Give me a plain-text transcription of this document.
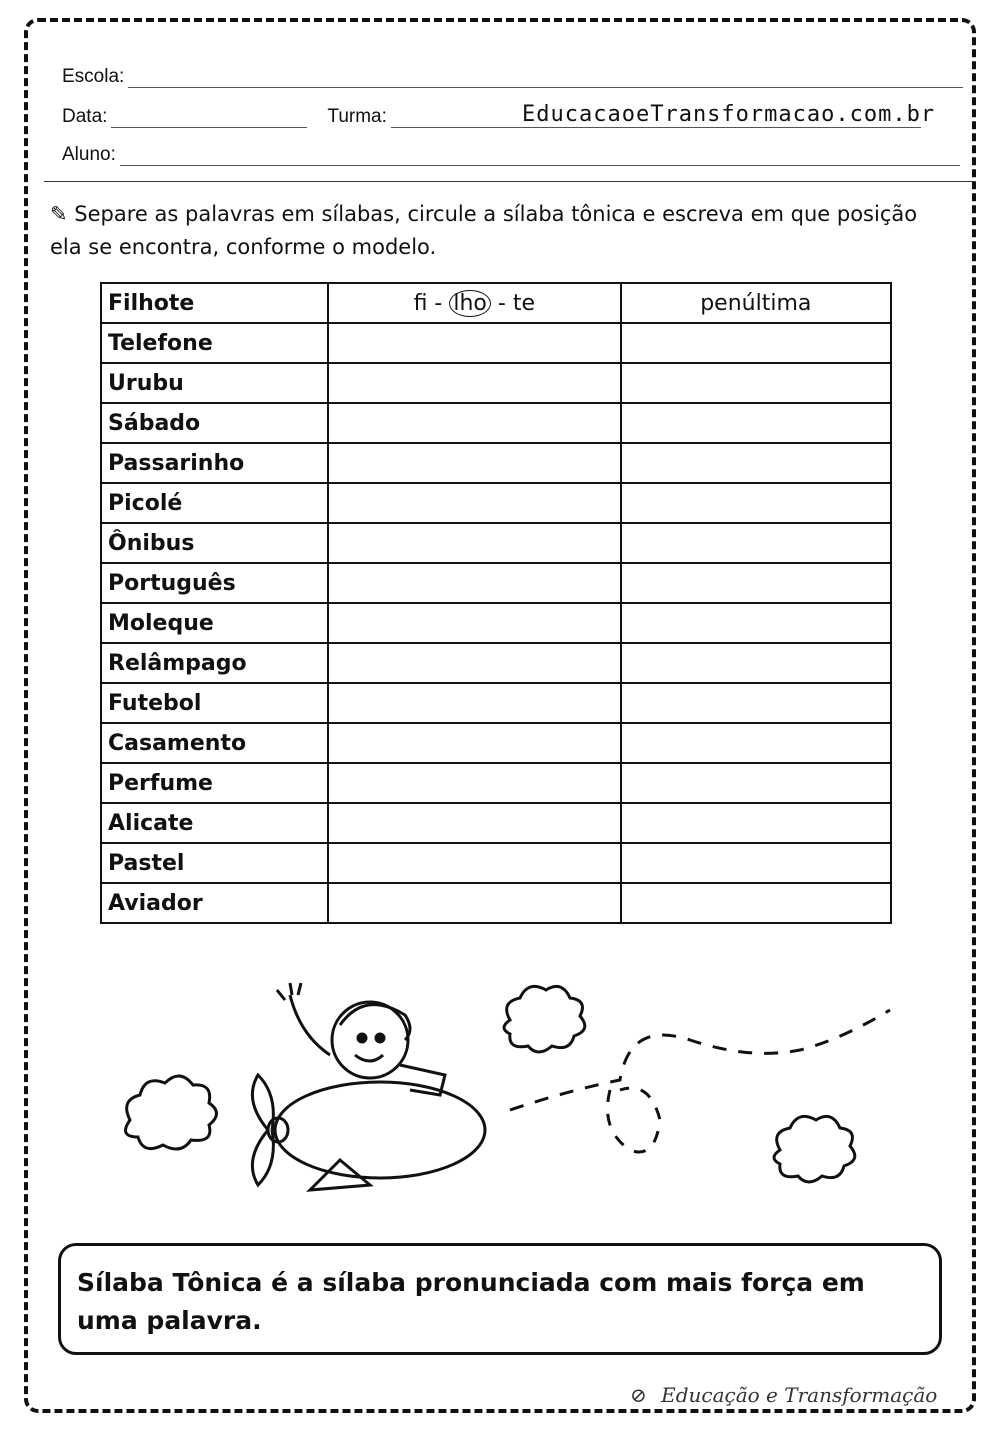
Escola:
Data:	Turma:	EducacaoeTransformacao.com.br
Aluno:
✎ Separe as palavras em sílabas, circule a sílaba tônica e escreva em que posição ela se encontra, conforme o modelo.
Filhote	fi - lho - te	penúltima
Telefone		
Urubu		
Sábado		
Passarinho		
Picolé		
Ônibus		
Português		
Moleque		
Relâmpago		
Futebol		
Casamento		
Perfume		
Alicate		
Pastel		
Aviador		
Sílaba Tônica é a sílaba pronunciada com mais força em uma palavra.
⊘ Educação e Transformação
